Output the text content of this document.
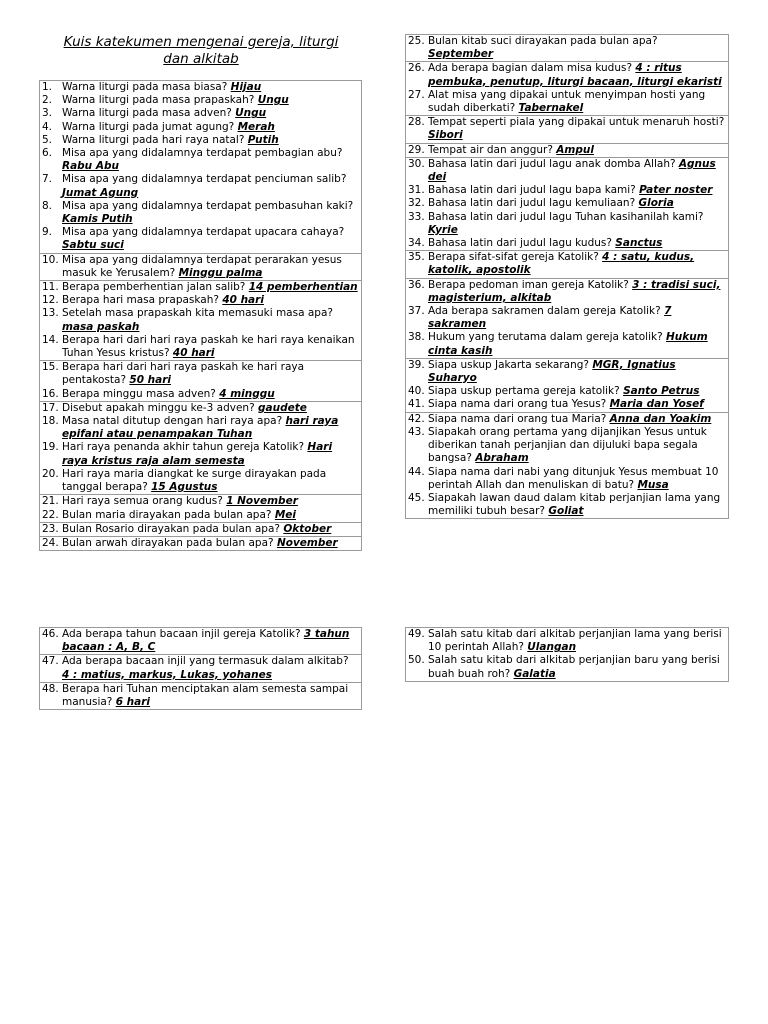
Kuis katekumen mengenai gereja, liturgi
dan alkitab
1. Warna liturgi pada masa biasa? Hijau
2. Warna liturgi pada masa prapaskah? Ungu
3. Warna liturgi pada masa adven? Ungu
4. Warna liturgi pada jumat agung? Merah
5. Warna liturgi pada hari raya natal? Putih
6. Misa apa yang didalamnya terdapat pembagian abu? Rabu Abu
7. Misa apa yang didalamnya terdapat penciuman salib? Jumat Agung
8. Misa apa yang didalamnya terdapat pembasuhan kaki? Kamis Putih
9. Misa apa yang didalamnya terdapat upacara cahaya? Sabtu suci
10. Misa apa yang didalamnya terdapat perarakan yesus masuk ke Yerusalem? Minggu palma
11. Berapa pemberhentian jalan salib? 14 pemberhentian
12. Berapa hari masa prapaskah? 40 hari
13. Setelah masa prapaskah kita memasuki masa apa? masa paskah
14. Berapa hari dari hari raya paskah ke hari raya kenaikan Tuhan Yesus kristus? 40 hari
15. Berapa hari dari hari raya paskah ke hari raya pentakosta? 50 hari
16. Berapa minggu masa adven? 4 minggu
17. Disebut apakah minggu ke-3 adven? gaudete
18. Masa natal ditutup dengan hari raya apa? hari raya epifani atau penampakan Tuhan
19. Hari raya penanda akhir tahun gereja Katolik? Hari raya kristus raja alam semesta
20. Hari raya maria diangkat ke surge dirayakan pada tanggal berapa? 15 Agustus
21. Hari raya semua orang kudus? 1 November
22. Bulan maria dirayakan pada bulan apa? Mei
23. Bulan Rosario dirayakan pada bulan apa? Oktober
24. Bulan arwah dirayakan pada bulan apa? November
25. Bulan kitab suci dirayakan pada bulan apa? September
26. Ada berapa bagian dalam misa kudus? 4 : ritus pembuka, penutup, liturgi bacaan, liturgi ekaristi
27. Alat misa yang dipakai untuk menyimpan hosti yang sudah diberkati? Tabernakel
28. Tempat seperti piala yang dipakai untuk menaruh hosti? Sibori
29. Tempat air dan anggur? Ampul
30. Bahasa latin dari judul lagu anak domba Allah? Agnus dei
31. Bahasa latin dari judul lagu bapa kami? Pater noster
32. Bahasa latin dari judul lagu kemuliaan? Gloria
33. Bahasa latin dari judul lagu Tuhan kasihanilah kami? Kyrie
34. Bahasa latin dari judul lagu kudus? Sanctus
35. Berapa sifat-sifat gereja Katolik? 4 : satu, kudus, katolik, apostolik
36. Berapa pedoman iman gereja Katolik? 3 : tradisi suci, magisterium, alkitab
37. Ada berapa sakramen dalam gereja Katolik? 7 sakramen
38. Hukum yang terutama dalam gereja katolik? Hukum cinta kasih
39. Siapa uskup Jakarta sekarang? MGR, Ignatius Suharyo
40. Siapa uskup pertama gereja katolik? Santo Petrus
41. Siapa nama dari orang tua Yesus? Maria dan Yosef
42. Siapa nama dari orang tua Maria? Anna dan Yoakim
43. Siapakah orang pertama yang dijanjikan Yesus untuk diberikan tanah perjanjian dan dijuluki bapa segala bangsa? Abraham
44. Siapa nama dari nabi yang ditunjuk Yesus membuat 10 perintah Allah dan menuliskan di batu? Musa
45. Siapakah lawan daud dalam kitab perjanjian lama yang memiliki tubuh besar? Goliat
46. Ada berapa tahun bacaan injil gereja Katolik? 3 tahun bacaan : A, B, C
47. Ada berapa bacaan injil yang termasuk dalam alkitab? 4 : matius, markus, Lukas, yohanes
48. Berapa hari Tuhan menciptakan alam semesta sampai manusia? 6 hari
49. Salah satu kitab dari alkitab perjanjian lama yang berisi 10 perintah Allah? Ulangan
50. Salah satu kitab dari alkitab perjanjian baru yang berisi buah buah roh? Galatia
